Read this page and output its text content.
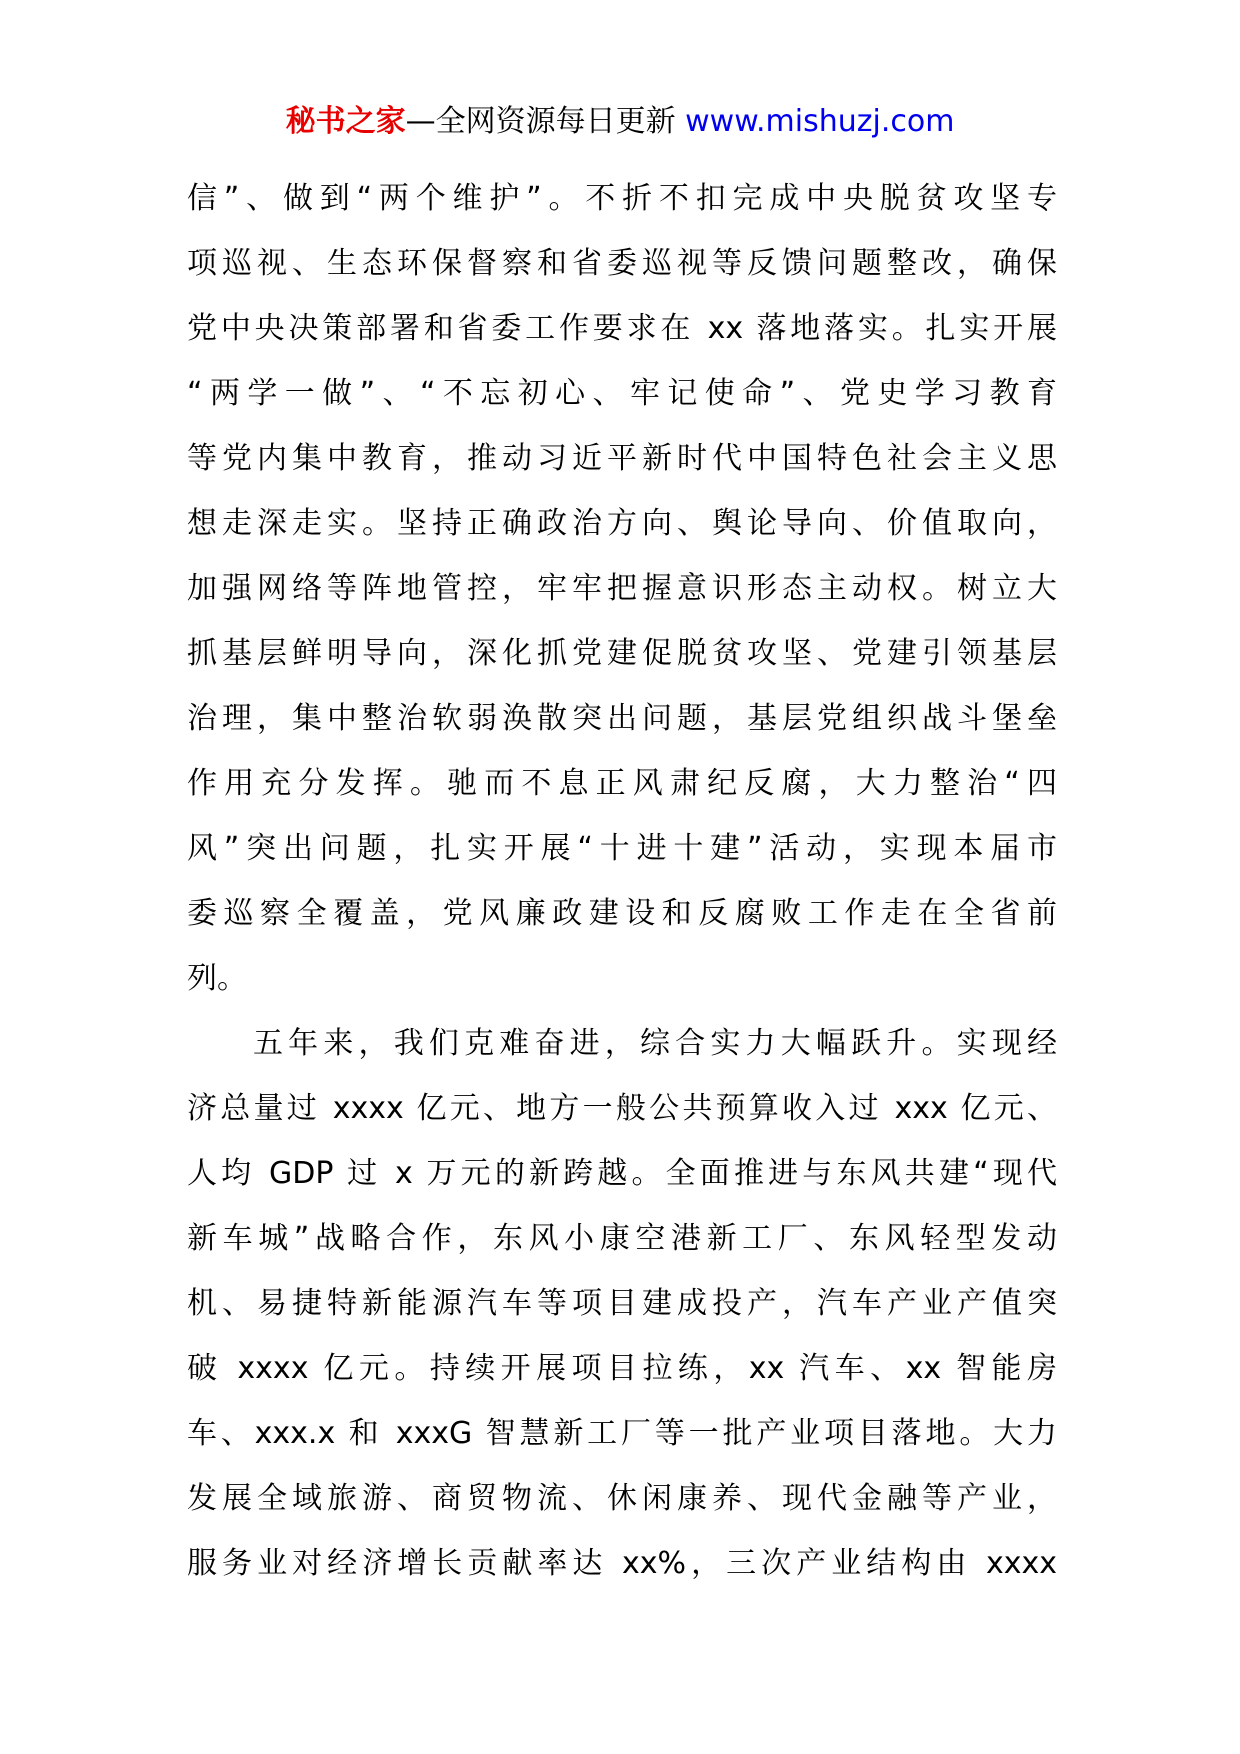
秘书之家—全网资源每日更新 www.mishuzj.com
信”、做到“两个维护”。不折不扣完成中央脱贫攻坚专
项巡视、生态环保督察和省委巡视等反馈问题整改，确保
党中央决策部署和省委工作要求在 xx 落地落实。扎实开展
“两学一做”、“不忘初心、牢记使命”、党史学习教育
等党内集中教育，推动习近平新时代中国特色社会主义思
想走深走实。坚持正确政治方向、舆论导向、价值取向，
加强网络等阵地管控，牢牢把握意识形态主动权。树立大
抓基层鲜明导向，深化抓党建促脱贫攻坚、党建引领基层
治理，集中整治软弱涣散突出问题，基层党组织战斗堡垒
作用充分发挥。驰而不息正风肃纪反腐，大力整治“四
风”突出问题，扎实开展“十进十建”活动，实现本届市
委巡察全覆盖，党风廉政建设和反腐败工作走在全省前
列。
五年来，我们克难奋进，综合实力大幅跃升。实现经
济总量过 xxxx 亿元、地方一般公共预算收入过 xxx 亿元、
人均 GDP 过 x 万元的新跨越。全面推进与东风共建“现代
新车城”战略合作，东风小康空港新工厂、东风轻型发动
机、易捷特新能源汽车等项目建成投产，汽车产业产值突
破 xxxx 亿元。持续开展项目拉练，xx 汽车、xx 智能房
车、xxx.x 和 xxxG 智慧新工厂等一批产业项目落地。大力
发展全域旅游、商贸物流、休闲康养、现代金融等产业，
服务业对经济增长贡献率达 xx%，三次产业结构由 xxxx
